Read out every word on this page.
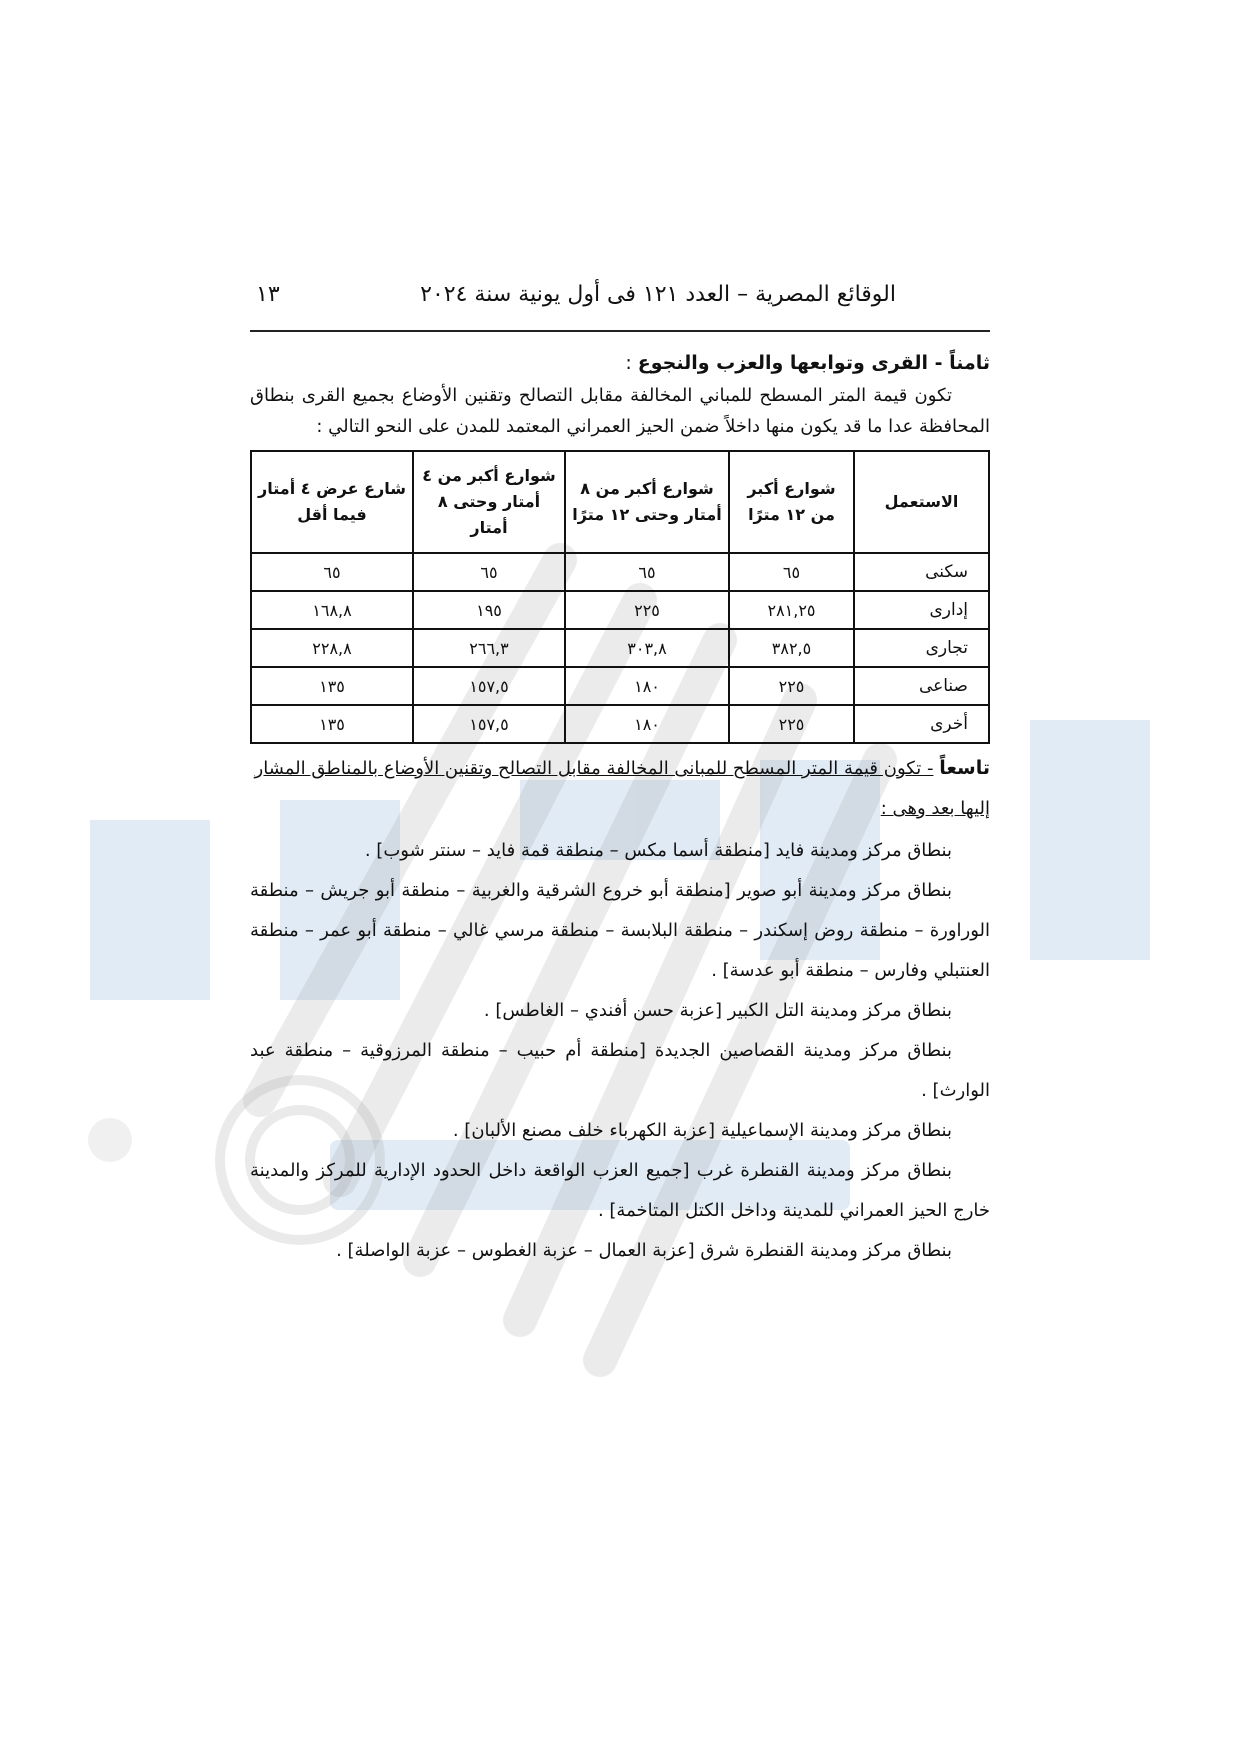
الوقائع المصرية – العدد ١٢١ فى أول يونية سنة ٢٠٢٤
١٣
ثامناً - القرى وتوابعها والعزب والنجوع :

تكون قيمة المتر المسطح للمباني المخالفة مقابل التصالح وتقنين الأوضاع بجميع القرى بنطاق المحافظة عدا ما قد يكون منها داخلاً ضمن الحيز العمراني المعتمد للمدن على النحو التالي :

الاستعمل	شوارع أكبر من ١٢ مترًا	شوارع أكبر من ٨ أمتار وحتى ١٢ مترًا	شوارع أكبر من ٤ أمتار وحتى ٨ أمتار	شارع عرض ٤ أمتار فيما أقل
سكنى	٦٥	٦٥	٦٥	٦٥
إدارى	٢٨١,٢٥	٢٢٥	١٩٥	١٦٨,٨
تجارى	٣٨٢,٥	٣٠٣,٨	٢٦٦,٣	٢٢٨,٨
صناعى	٢٢٥	١٨٠	١٥٧,٥	١٣٥
أخرى	٢٢٥	١٨٠	١٥٧,٥	١٣٥
تاسعاً - تكون قيمة المتر المسطح للمبانى المخالفة مقابل التصالح وتقنين الأوضاع بالمناطق المشار إليها بعد وهى :

بنطاق مركز ومدينة فايد [منطقة أسما مكس – منطقة قمة فايد – سنتر شوب] .

بنطاق مركز ومدينة أبو صوير [منطقة أبو خروع الشرقية والغربية – منطقة أبو جريش – منطقة الوراورة – منطقة روض إسكندر – منطقة البلابسة – منطقة مرسي غالي – منطقة أبو عمر – منطقة العنتبلي وفارس – منطقة أبو عدسة] .

بنطاق مركز ومدينة التل الكبير [عزبة حسن أفندي – الغاطس] .

بنطاق مركز ومدينة القصاصين الجديدة [منطقة أم حبيب – منطقة المرزوقية – منطقة عبد الوارث] .

بنطاق مركز ومدينة الإسماعيلية [عزبة الكهرباء خلف مصنع الألبان] .

بنطاق مركز ومدينة القنطرة غرب [جميع العزب الواقعة داخل الحدود الإدارية للمركز والمدينة خارج الحيز العمراني للمدينة وداخل الكتل المتاخمة] .

بنطاق مركز ومدينة القنطرة شرق [عزبة العمال – عزبة الغطوس – عزبة الواصلة] .
